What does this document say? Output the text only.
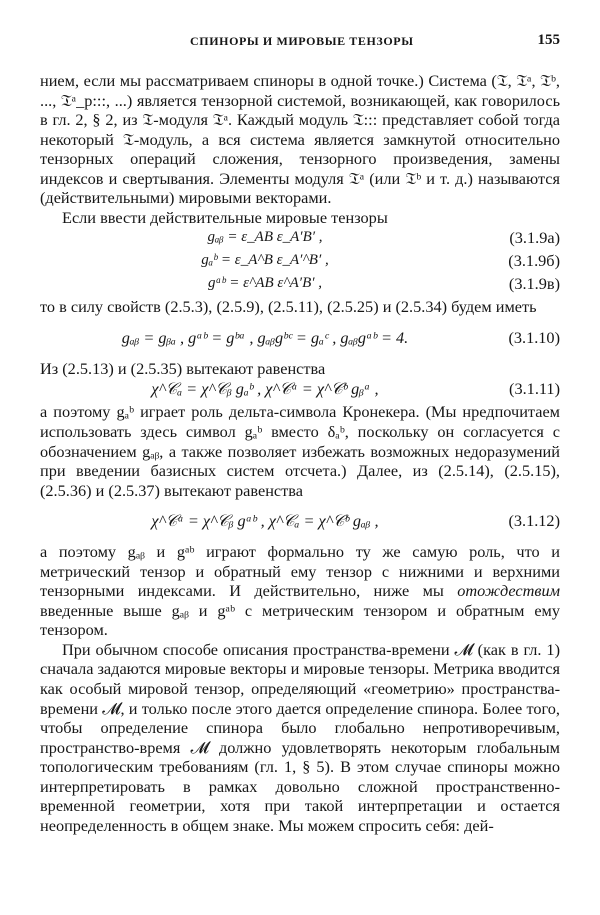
СПИНОРЫ И МИРОВЫЕ ТЕНЗОРЫ	155

нием, если мы рассматриваем спиноры в одной точке.) Система (𝔗, 𝔗ᵃ, 𝔗ᵇ, ..., 𝔗ᵃ_p:::, ...) является тензорной системой, возникающей, как говорилось в гл. 2, § 2, из 𝔗-модуля 𝔗ᵃ. Каждый модуль 𝔗::: представляет собой тогда некоторый 𝔗-модуль, а вся система является замкнутой относительно тензорных операций сложения, тензорного произведения, замены индексов и свертывания. Элементы модуля 𝔗ᵃ (или 𝔗ᵇ и т. д.) называются (действительными) мировыми векторами.

Если ввести действительные мировые тензоры

gₐᵦ = ε_AB ε_A′B′ ,	(3.1.9а)
gₐᵇ = ε_A^B ε_A′^B′ ,	(3.1.9б)
gᵃᵇ = ε^AB ε^A′B′ ,	(3.1.9в)

то в силу свойств (2.5.3), (2.5.9), (2.5.11), (2.5.25) и (2.5.34) будем иметь

gₐᵦ = gᵦₐ , gᵃᵇ = gᵇᵃ , gₐᵦgᵇᶜ = gₐᶜ , gₐᵦgᵃᵇ = 4.	(3.1.10)

Из (2.5.13) и (2.5.35) вытекают равенства

χ^𝒞ₐ = χ^𝒞ᵦ gₐᵇ , χ^𝒞ᵃ = χ^𝒞ᵇ gᵦᵃ ,	(3.1.11)

а поэтому gₐᵇ играет роль дельта-символа Кронекера. (Мы нредпочитаем использовать здесь символ gₐᵇ вместо δₐᵇ, поскольку он согласуется с обозначением gₐᵦ, а также позволяет избежать возможных недоразумений при введении базисных систем отсчета.) Далее, из (2.5.14), (2.5.15), (2.5.36) и (2.5.37) вытекают равенства

χ^𝒞ᵃ = χ^𝒞ᵦ gᵃᵇ , χ^𝒞ₐ = χ^𝒞ᵇ gₐᵦ ,	(3.1.12)

а поэтому gₐᵦ и gᵃᵇ играют формально ту же самую роль, что и метрический тензор и обратный ему тензор с нижними и верхними тензорными индексами. И действительно, ниже мы отождествим введенные выше gₐᵦ и gᵃᵇ с метрическим тензором и обратным ему тензором.

При обычном способе описания пространства-времени 𝓜 (как в гл. 1) сначала задаются мировые векторы и мировые тензоры. Метрика вводится как особый мировой тензор, определяющий «геометрию» пространства-времени 𝓜, и только после этого дается определение спинора. Более того, чтобы определение спинора было глобально непротиворечивым, пространство-время 𝓜 должно удовлетворять некоторым глобальным топологическим требованиям (гл. 1, § 5). В этом случае спиноры можно интерпретировать в рамках довольно сложной пространственно-временной геометрии, хотя при такой интерпретации и остается неопределенность в общем знаке. Мы можем спросить себя: дей-
